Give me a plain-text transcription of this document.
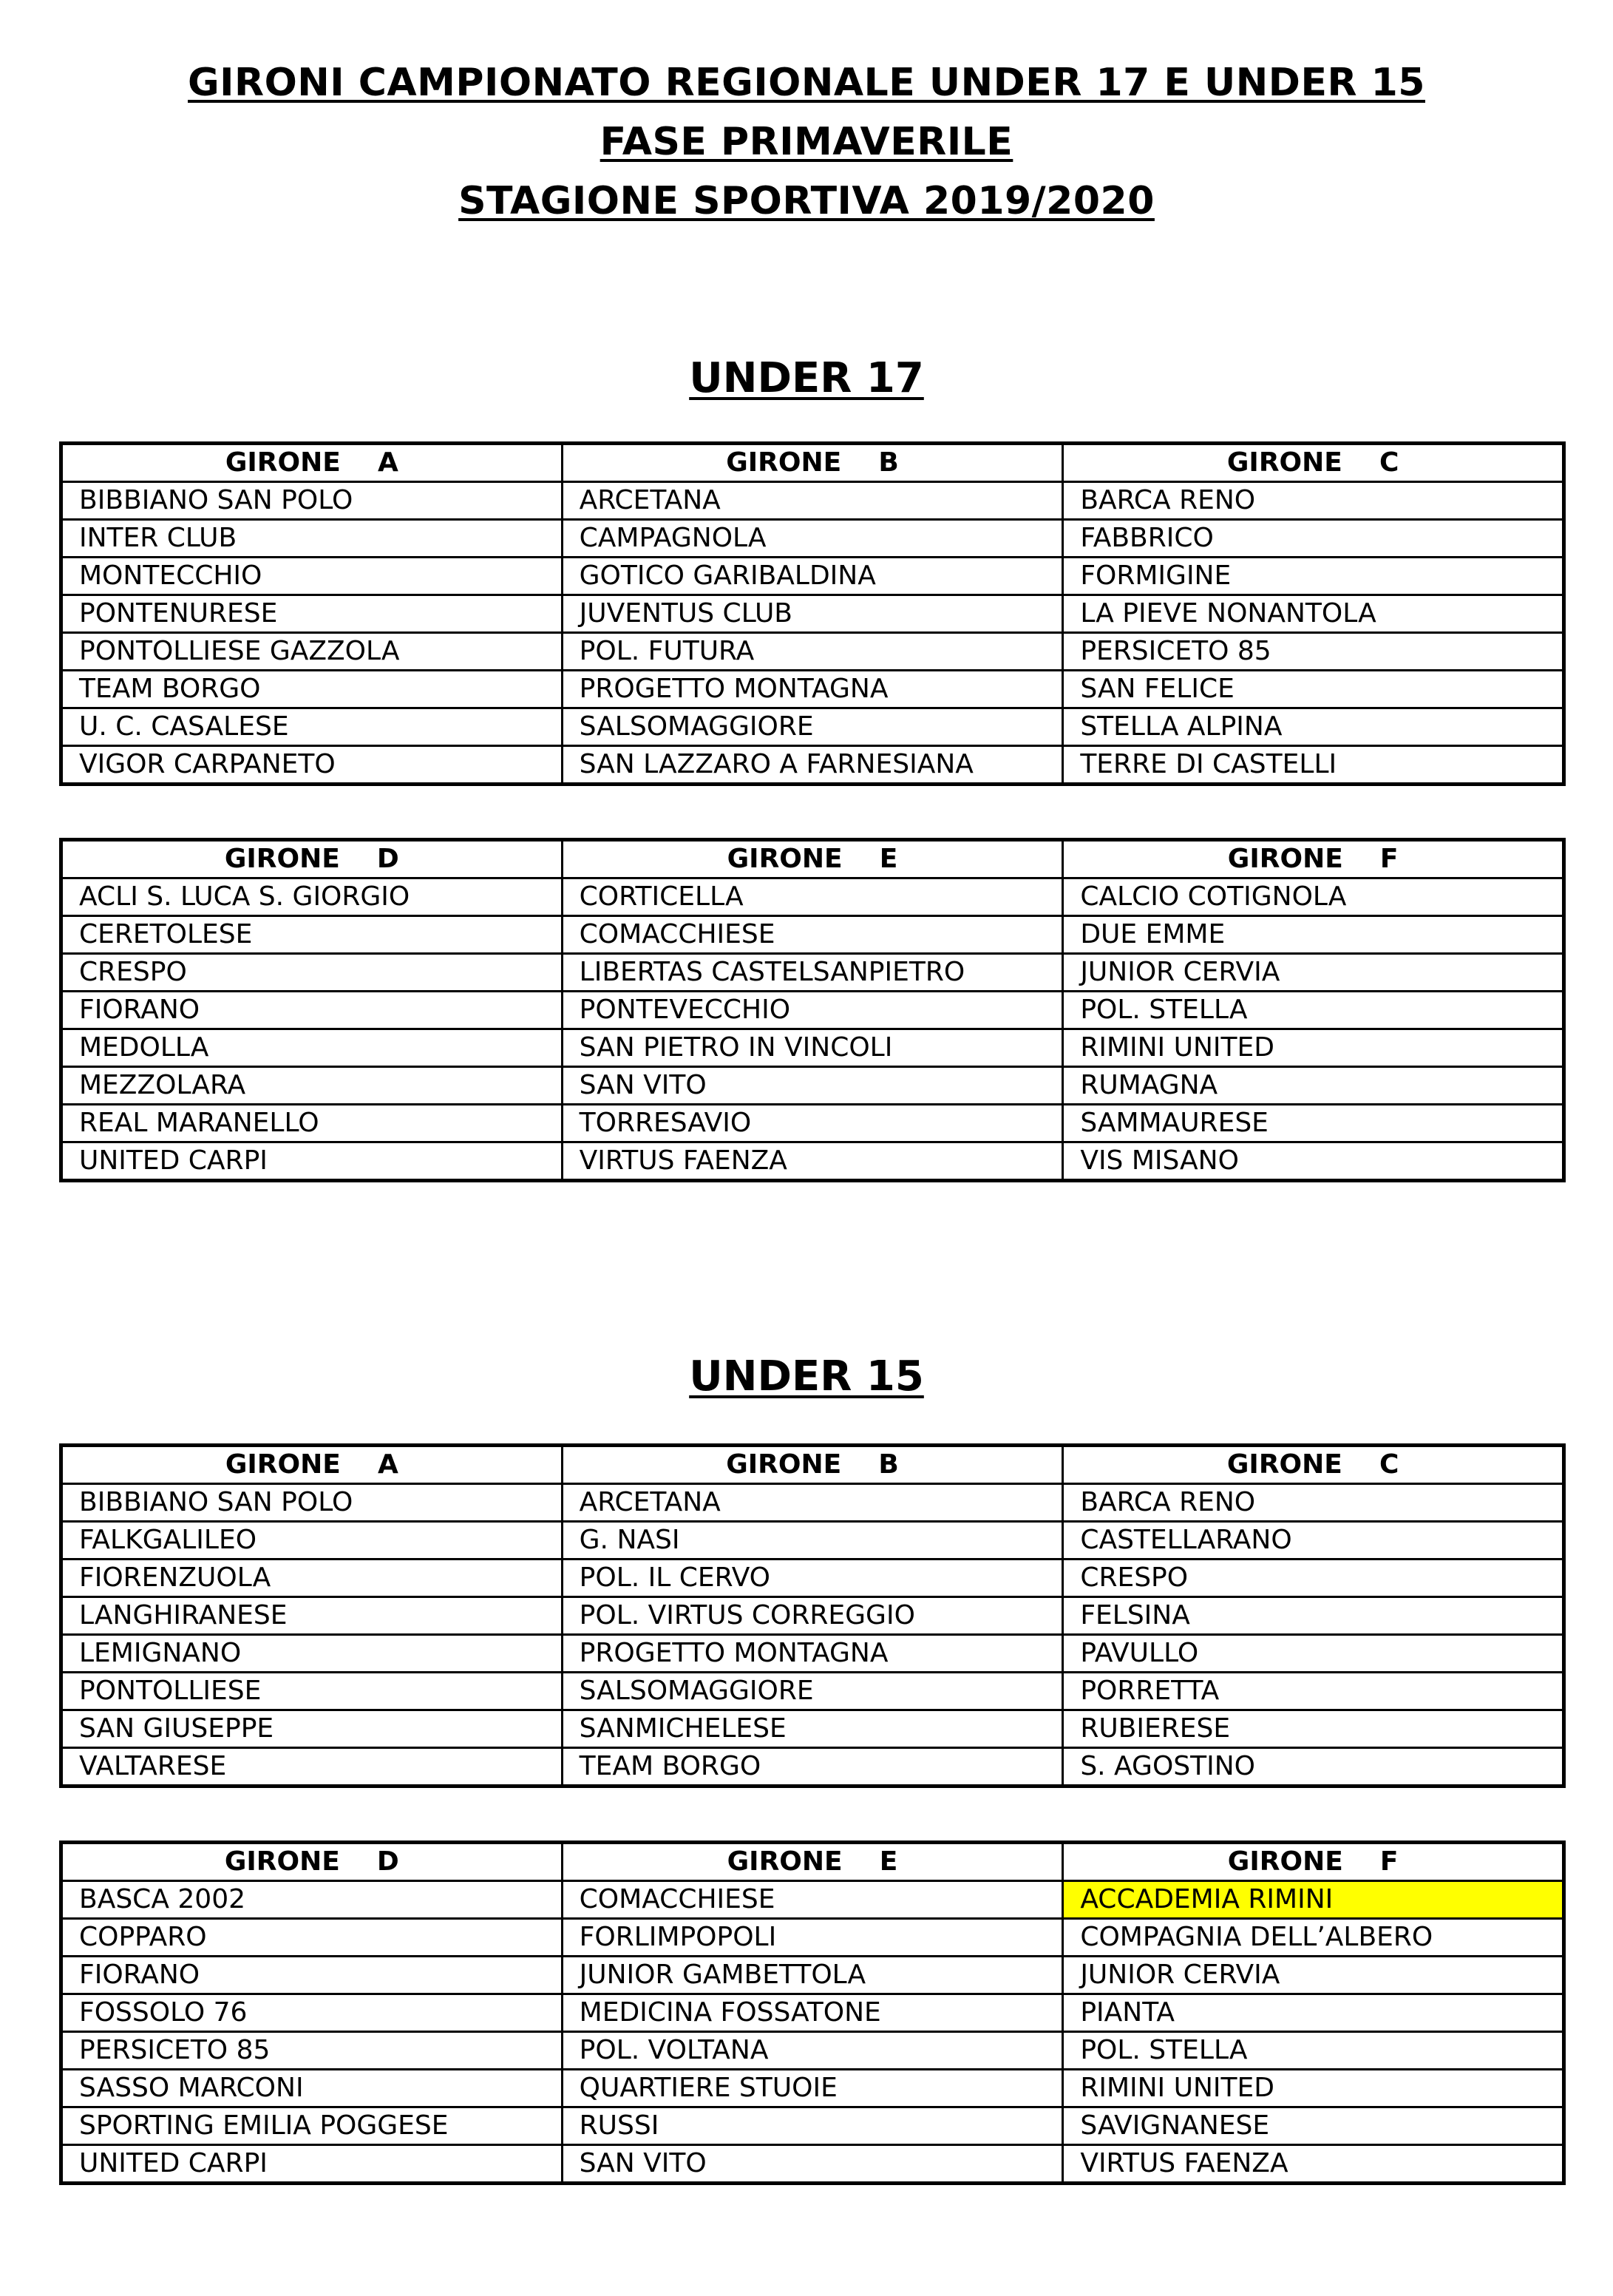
GIRONI CAMPIONATO REGIONALE UNDER 17 E UNDER 15
FASE PRIMAVERILE
STAGIONE SPORTIVA 2019/2020
UNDER 17
GIRONE    A	GIRONE    B	GIRONE    C
BIBBIANO SAN POLO	ARCETANA	BARCA RENO
INTER CLUB	CAMPAGNOLA	FABBRICO
MONTECCHIO	GOTICO GARIBALDINA	FORMIGINE
PONTENURESE	JUVENTUS CLUB	LA PIEVE NONANTOLA
PONTOLLIESE GAZZOLA	POL. FUTURA	PERSICETO 85
TEAM BORGO	PROGETTO MONTAGNA	SAN FELICE
U. C. CASALESE	SALSOMAGGIORE	STELLA ALPINA
VIGOR CARPANETO	SAN LAZZARO A FARNESIANA	TERRE DI CASTELLI
GIRONE    D	GIRONE    E	GIRONE    F
ACLI S. LUCA S. GIORGIO	CORTICELLA	CALCIO COTIGNOLA
CERETOLESE	COMACCHIESE	DUE EMME
CRESPO	LIBERTAS CASTELSANPIETRO	JUNIOR CERVIA
FIORANO	PONTEVECCHIO	POL. STELLA
MEDOLLA	SAN PIETRO IN VINCOLI	RIMINI UNITED
MEZZOLARA	SAN VITO	RUMAGNA
REAL MARANELLO	TORRESAVIO	SAMMAURESE
UNITED CARPI	VIRTUS FAENZA	VIS MISANO
UNDER 15
GIRONE    A	GIRONE    B	GIRONE    C
BIBBIANO SAN POLO	ARCETANA	BARCA RENO
FALKGALILEO	G. NASI	CASTELLARANO
FIORENZUOLA	POL. IL CERVO	CRESPO
LANGHIRANESE	POL. VIRTUS CORREGGIO	FELSINA
LEMIGNANO	PROGETTO MONTAGNA	PAVULLO
PONTOLLIESE	SALSOMAGGIORE	PORRETTA
SAN GIUSEPPE	SANMICHELESE	RUBIERESE
VALTARESE	TEAM BORGO	S. AGOSTINO
GIRONE    D	GIRONE    E	GIRONE    F
BASCA 2002	COMACCHIESE	ACCADEMIA RIMINI
COPPARO	FORLIMPOPOLI	COMPAGNIA DELL’ALBERO
FIORANO	JUNIOR GAMBETTOLA	JUNIOR CERVIA
FOSSOLO 76	MEDICINA FOSSATONE	PIANTA
PERSICETO 85	POL. VOLTANA	POL. STELLA
SASSO MARCONI	QUARTIERE STUOIE	RIMINI UNITED
SPORTING EMILIA POGGESE	RUSSI	SAVIGNANESE
UNITED CARPI	SAN VITO	VIRTUS FAENZA
